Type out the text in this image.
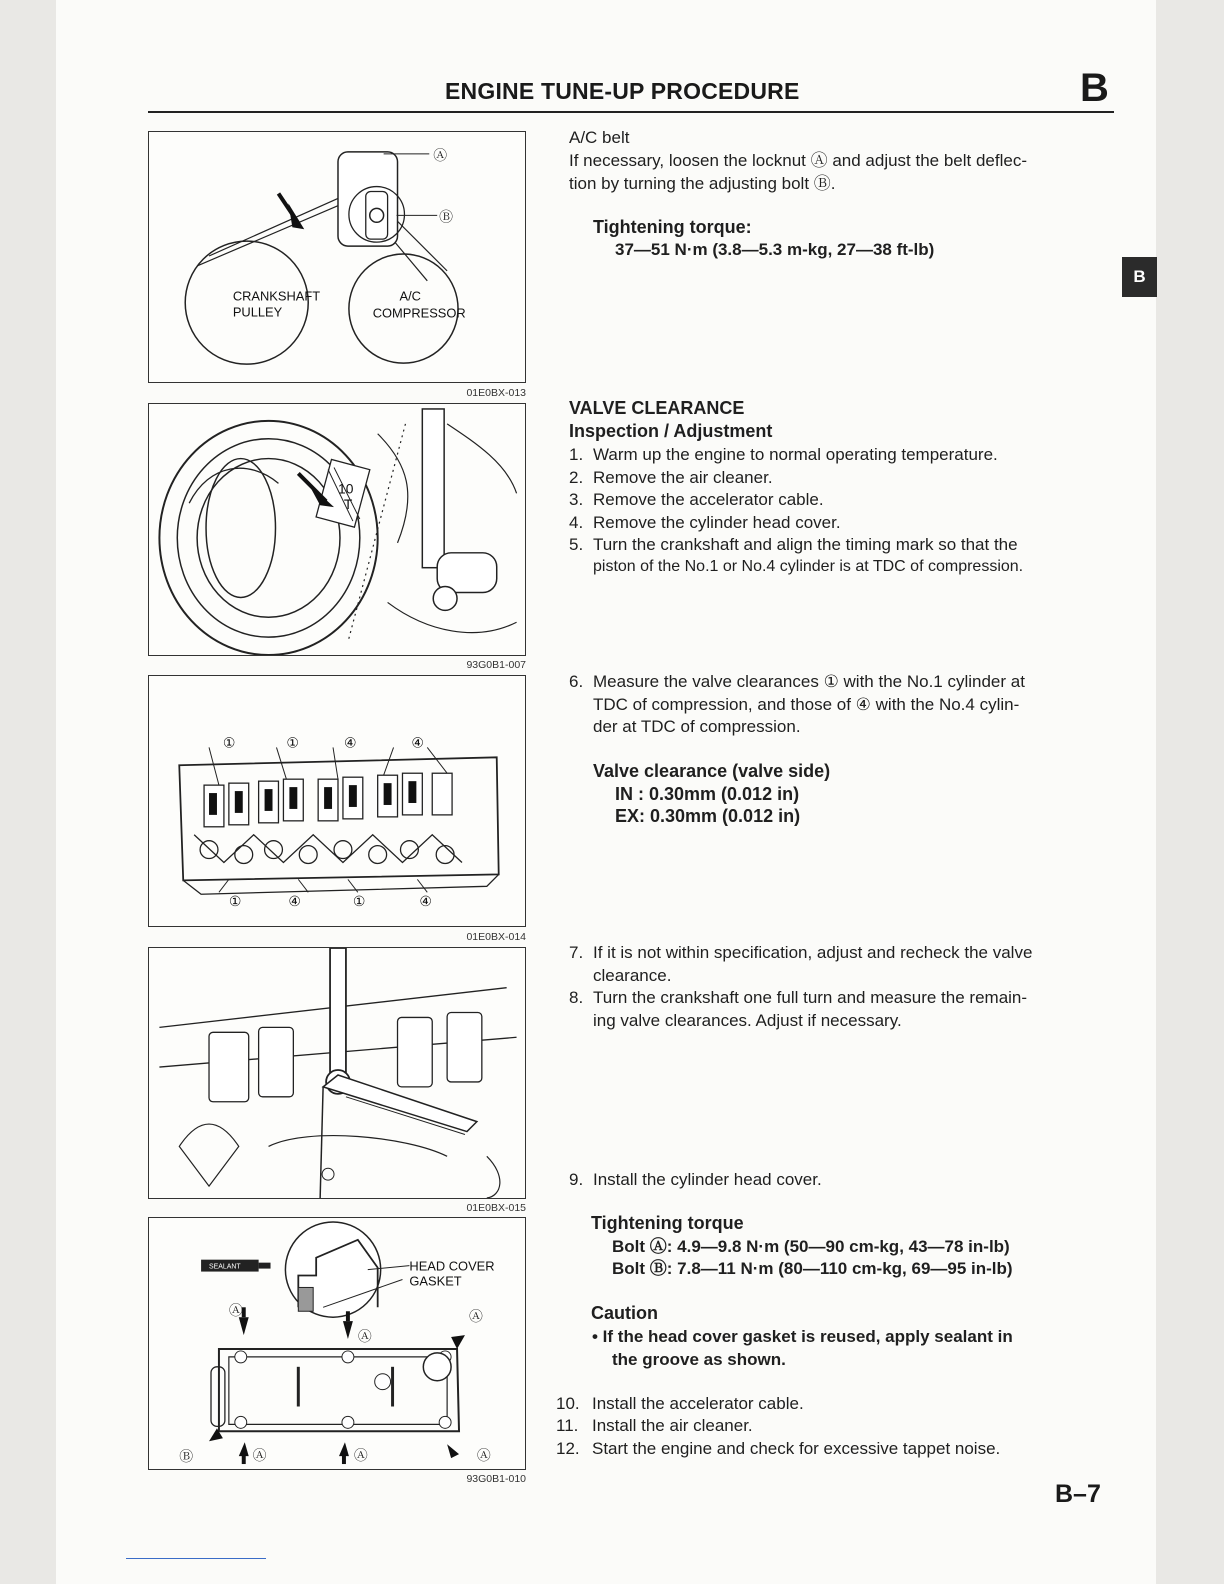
ENGINE TUNE-UP PROCEDURE	B
B
Ⓐ
Ⓑ
CRANKSHAFT
PULLEY
A/C
COMPRESSOR
01E0BX-013
10
T
93G0B1-007
①	①	④	④
①	④	①	④
01E0BX-014
01E0BX-015
SEALANT	HEAD COVER
GASKET
Ⓐ
Ⓐ
Ⓐ
Ⓐ	Ⓐ	Ⓐ
Ⓑ
93G0B1-010
A/C belt
If necessary, loosen the locknut Ⓐ and adjust the belt deflec-
tion by turning the adjusting bolt Ⓑ.
Tightening torque:
37—51 N·m (3.8—5.3 m-kg, 27—38 ft-lb)
VALVE CLEARANCE
Inspection / Adjustment
1. Warm up the engine to normal operating temperature.
2. Remove the air cleaner.
3. Remove the accelerator cable.
4. Remove the cylinder head cover.
5. Turn the crankshaft and align the timing mark so that the
piston of the No.1 or No.4 cylinder is at TDC of compression.
6. Measure the valve clearances ① with the No.1 cylinder at
TDC of compression, and those of ④ with the No.4 cylin-
der at TDC of compression.
Valve clearance (valve side)
IN : 0.30mm (0.012 in)
EX: 0.30mm (0.012 in)
7. If it is not within specification, adjust and recheck the valve
clearance.
8. Turn the crankshaft one full turn and measure the remain-
ing valve clearances. Adjust if necessary.
9. Install the cylinder head cover.
Tightening torque
Bolt Ⓐ: 4.9—9.8 N·m (50—90 cm-kg, 43—78 in-lb)
Bolt Ⓑ: 7.8—11 N·m (80—110 cm-kg, 69—95 in-lb)
Caution
• If the head cover gasket is reused, apply sealant in
the groove as shown.
10. Install the accelerator cable.
11. Install the air cleaner.
12. Start the engine and check for excessive tappet noise.
B–7
